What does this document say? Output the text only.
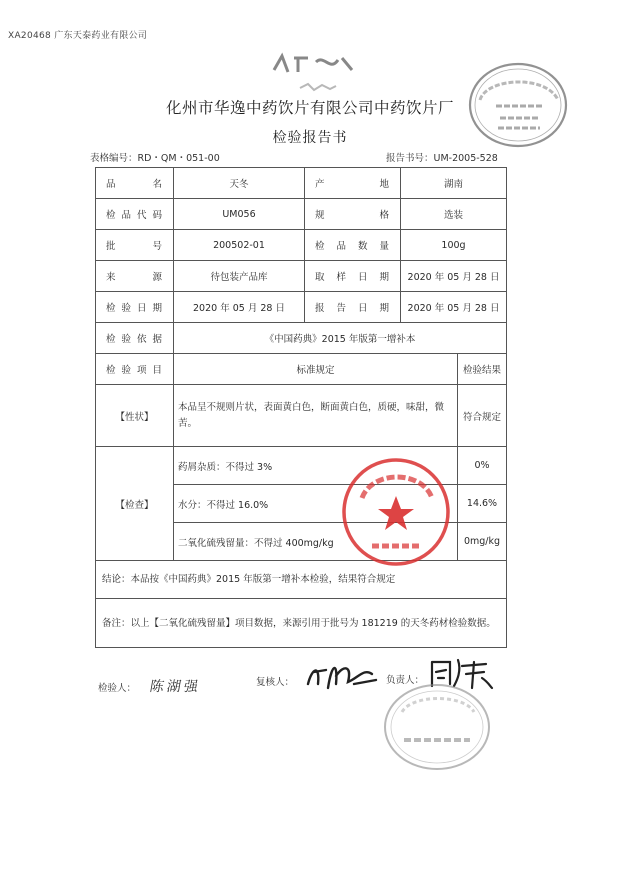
XA20468 广东天泰药业有限公司
化州市华逸中药饮片有限公司中药饮片厂
检验报告书
表格编号：RD・QM・051-00	报告书号：UM-2005-528
品名	天冬	产地	湖南	
检品代码	UM056	规格	选装	
批号	200502-01	检品数量	100g	
来源	待包装产品库	取样日期	2020 年 05 月 28 日	
检验日期	2020 年 05 月 28 日	报告日期	2020 年 05 月 28 日	
检验依据	《中国药典》2015 年版第一增补本			
检验项目	标准规定			检验结果
【性状】	本品呈不规则片状，表面黄白色，断面黄白色，质硬，味甜，微苦。			符合规定
【检查】	药屑杂质：不得过 3%			0%
	水分：不得过 16.0%			14.6%
	二氧化硫残留量：不得过 400mg/kg			0mg/kg
结论：本品按《中国药典》2015 年版第一增补本检验，结果符合规定				
备注：以上【二氧化硫残留量】项目数据，来源引用于批号为 181219 的天冬药材检验数据。				
检验人： 陈湖强	复核人：	负责人：
